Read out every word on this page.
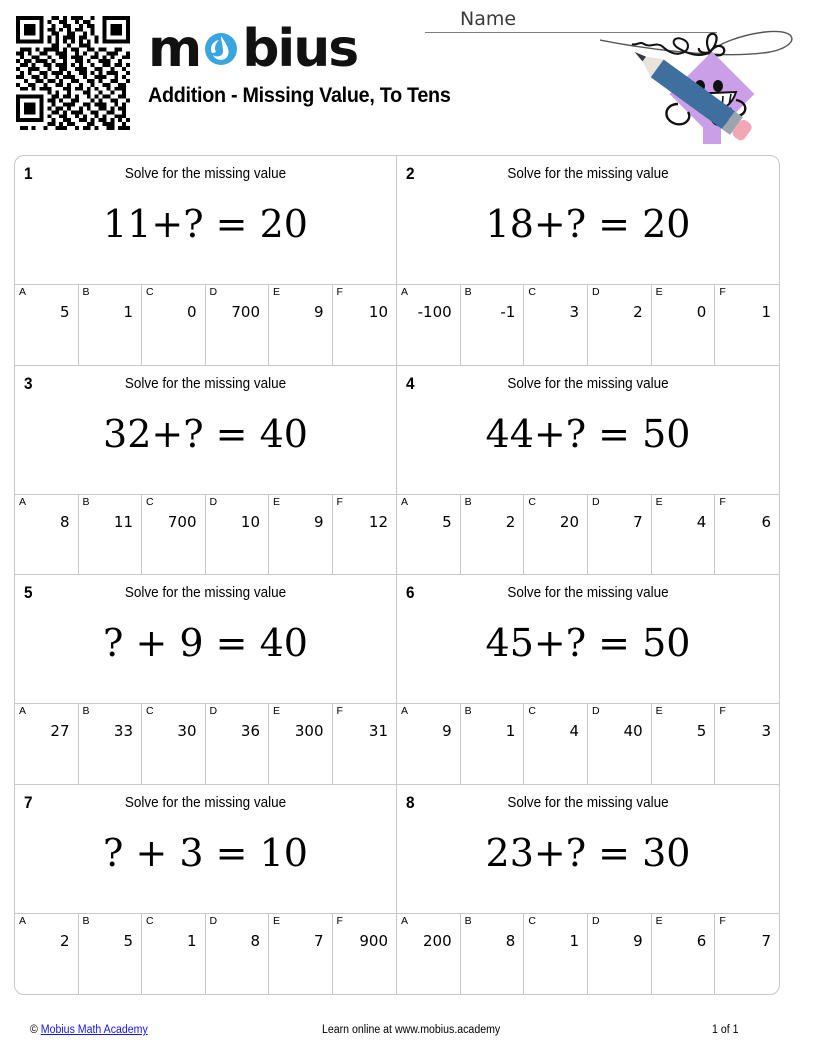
m bius
Addition - Missing Value, To Tens
Name
1	Solve for the missing value
11+? = 20
A
5
B
1
C
0
D
700
E
9
F
10
2	Solve for the missing value
18+? = 20
A
-100
B
-1
C
3
D
2
E
0
F
1
3	Solve for the missing value
32+? = 40
A
8
B
11
C
700
D
10
E
9
F
12
4	Solve for the missing value
44+? = 50
A
5
B
2
C
20
D
7
E
4
F
6
5	Solve for the missing value
? + 9 = 40
A
27
B
33
C
30
D
36
E
300
F
31
6	Solve for the missing value
45+? = 50
A
9
B
1
C
4
D
40
E
5
F
3
7	Solve for the missing value
? + 3 = 10
A
2
B
5
C
1
D
8
E
7
F
900
8	Solve for the missing value
23+? = 30
A
200
B
8
C
1
D
9
E
6
F
7
© Mobius Math Academy	Learn online at www.mobius.academy	1 of 1
